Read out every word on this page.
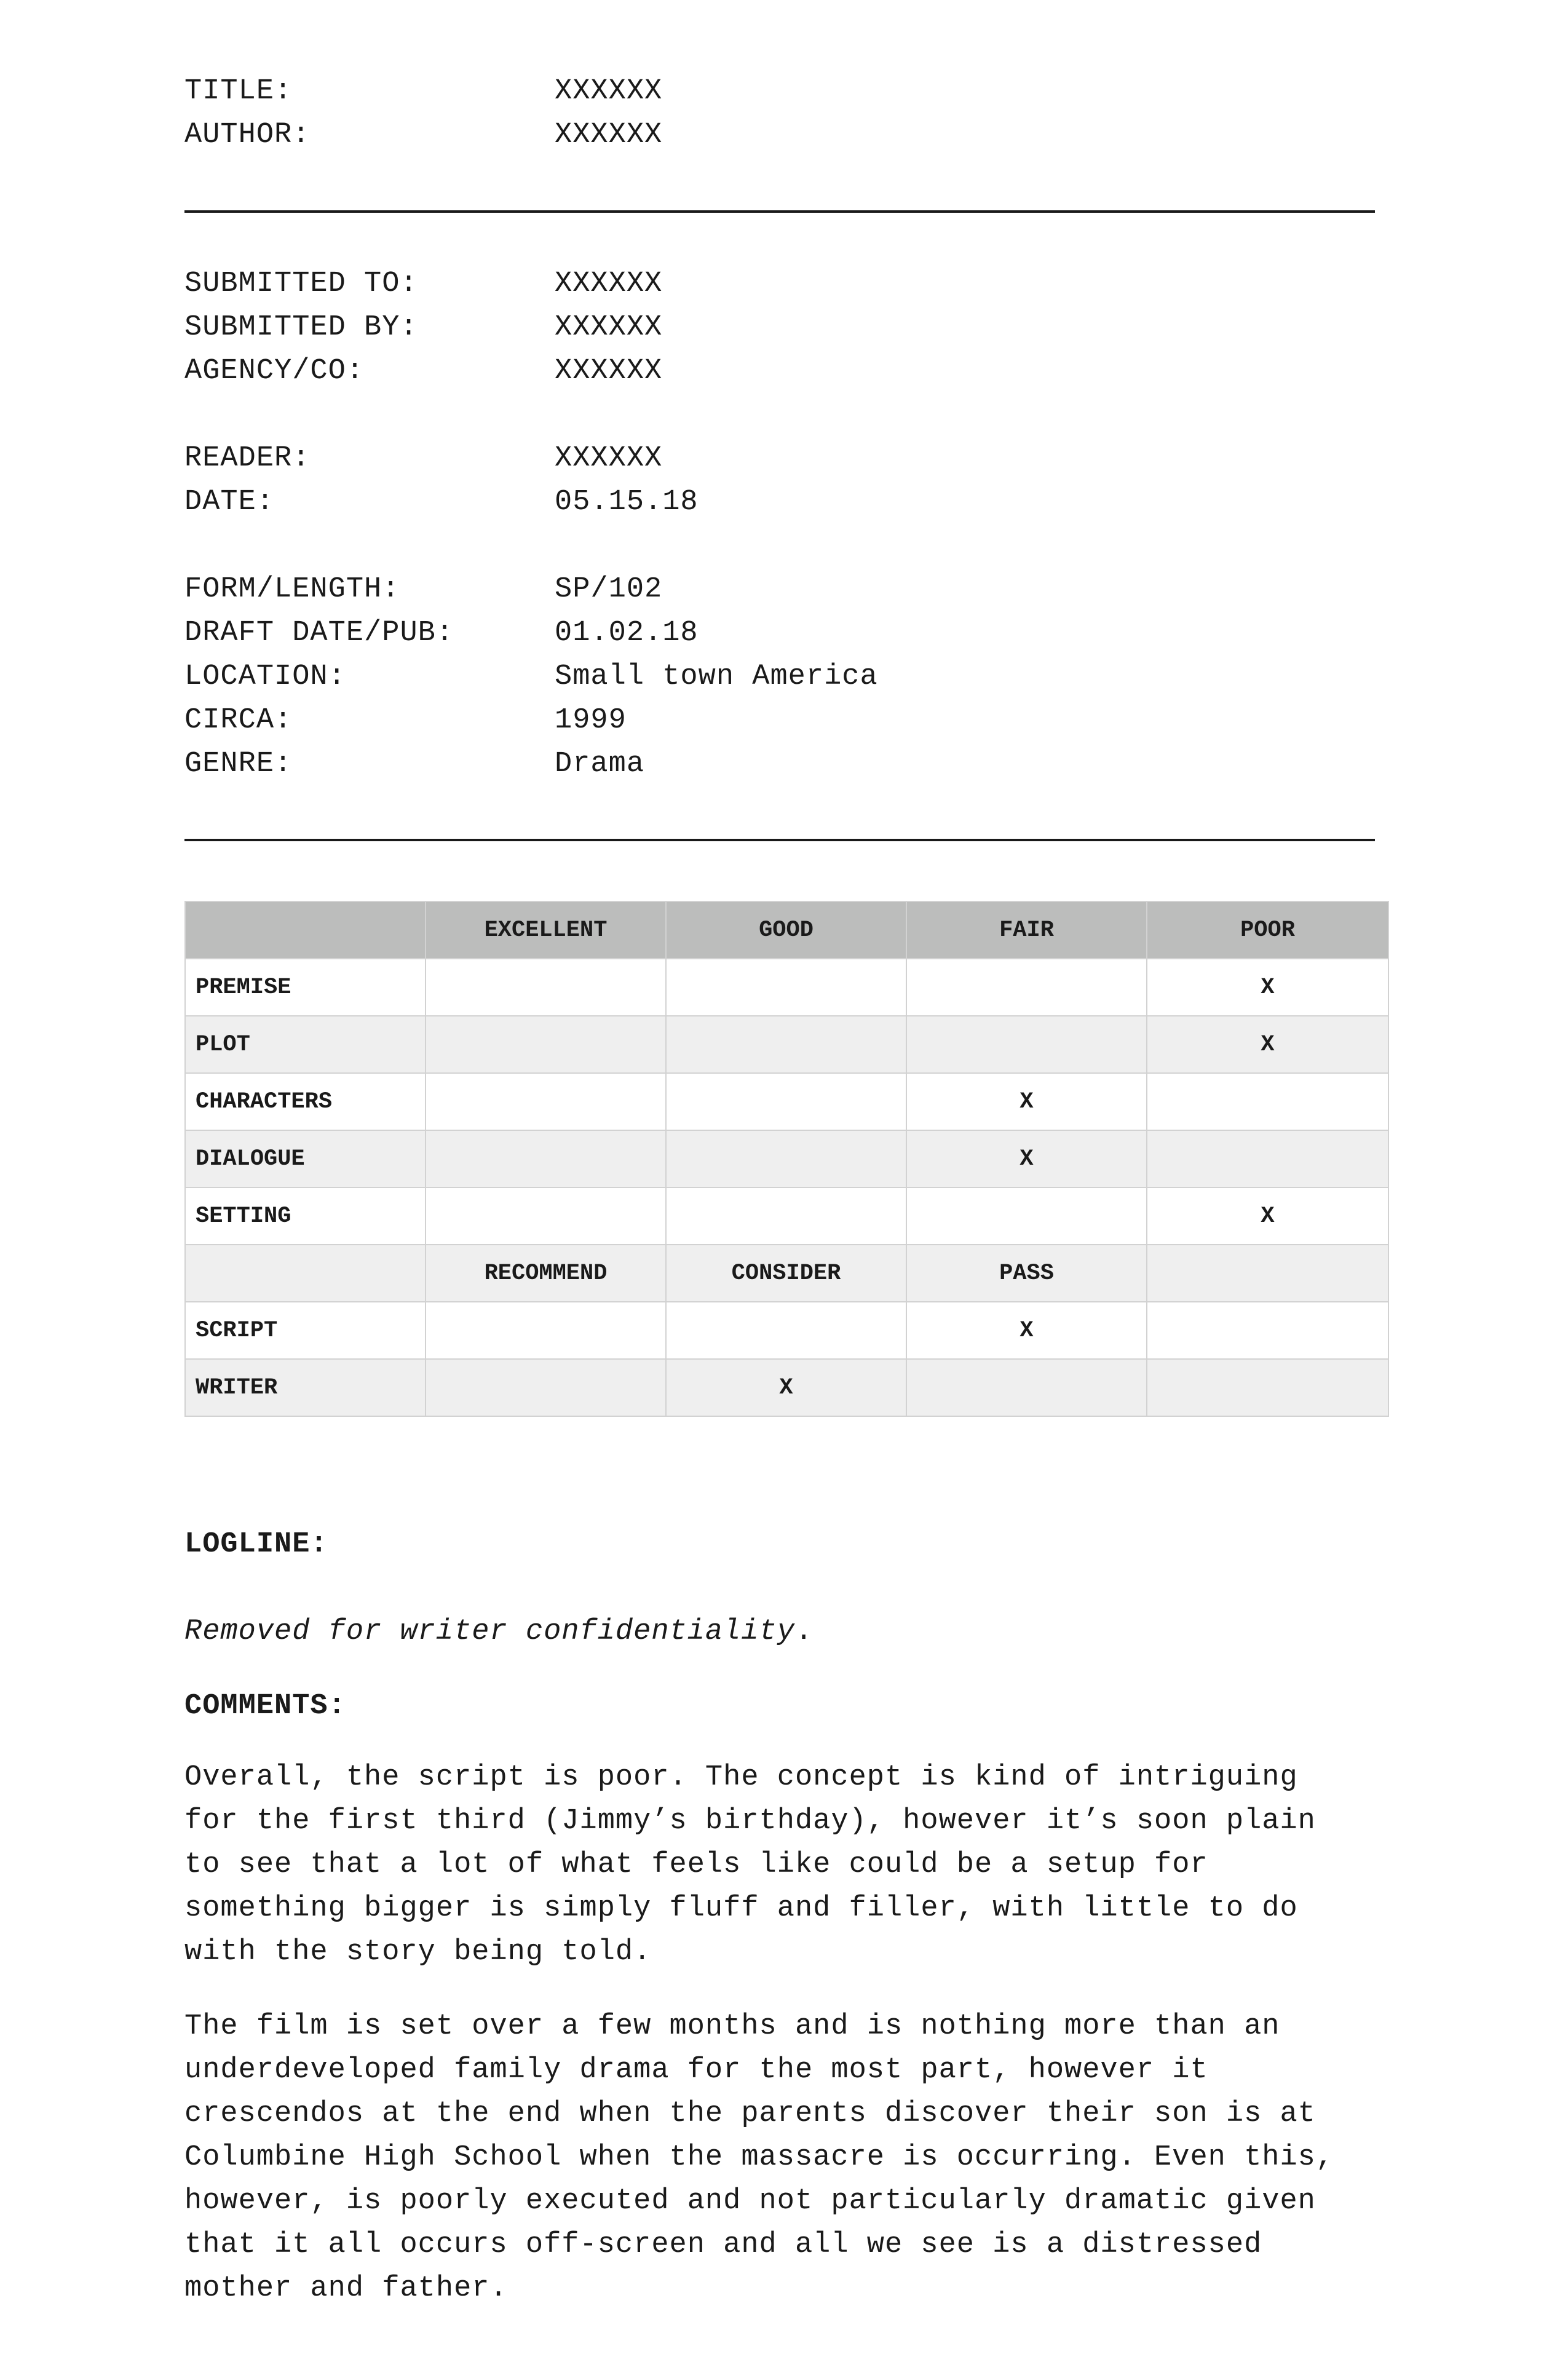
TITLE:	XXXXXX
AUTHOR:	XXXXXX
SUBMITTED TO:	XXXXXX
SUBMITTED BY:	XXXXXX
AGENCY/CO:	XXXXXX
READER:	XXXXXX
DATE:	05.15.18
FORM/LENGTH:	SP/102
DRAFT DATE/PUB:	01.02.18
LOCATION:	Small town America
CIRCA:	1999
GENRE:	Drama
	EXCELLENT	GOOD	FAIR	POOR
PREMISE				X
PLOT				X
CHARACTERS			X	
DIALOGUE			X	
SETTING				X
	RECOMMEND	CONSIDER	PASS	
SCRIPT			X	
WRITER		X		
LOGLINE:
Removed for writer confidentiality.
COMMENTS:
Overall, the script is poor. The concept is kind of intriguing
for the first third (Jimmy’s birthday), however it’s soon plain
to see that a lot of what feels like could be a setup for
something bigger is simply fluff and filler, with little to do
with the story being told.
The film is set over a few months and is nothing more than an
underdeveloped family drama for the most part, however it
crescendos at the end when the parents discover their son is at
Columbine High School when the massacre is occurring. Even this,
however, is poorly executed and not particularly dramatic given
that it all occurs off-screen and all we see is a distressed
mother and father.
